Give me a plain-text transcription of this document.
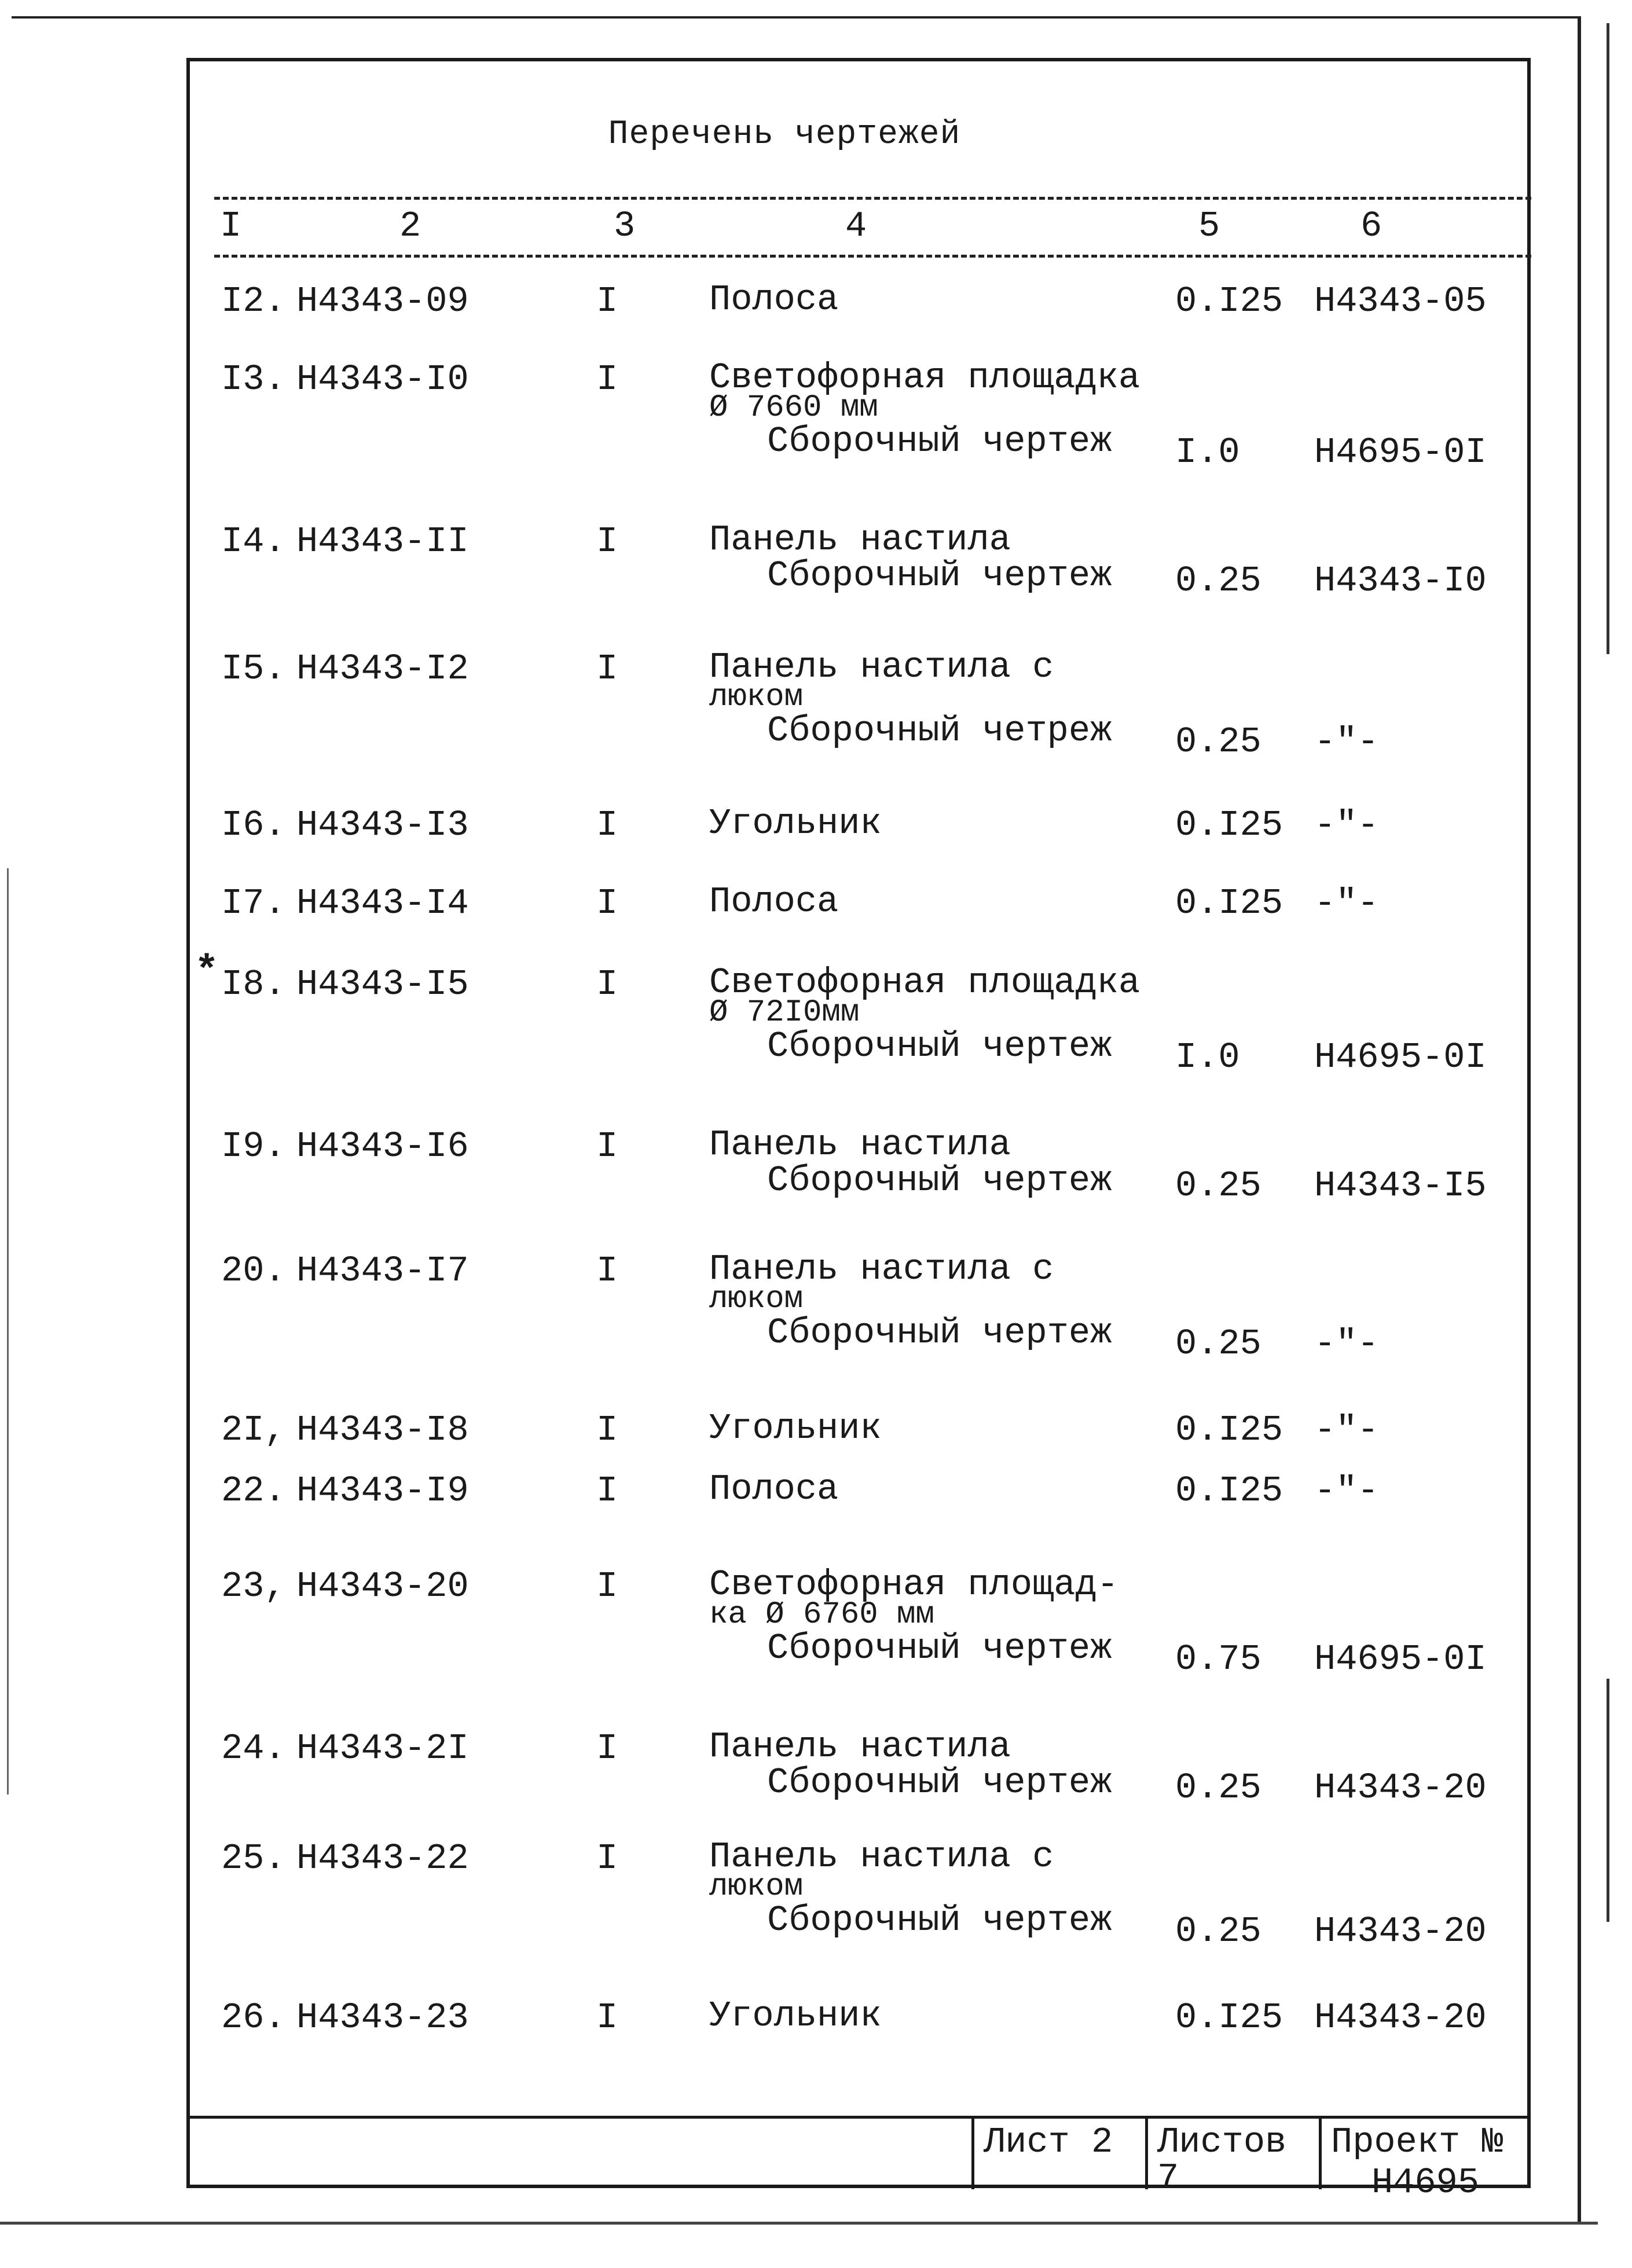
Перечень чертежей
I	2	3	4	5	6
*
I2. H4343-09	I	Полоса	0.I25 H4343-05
I3. H4343-I0	I	Светофорная площадка
Ø 7660 мм
Сборочный чертеж	I.0 H4695-0I
I4. H4343-II	I	Панель настила
Сборочный чертеж 0.25 H4343-I0
I5. H4343-I2	I	Панель настила с
люком
Сборочный четреж 0.25 -"-
I6. H4343-I3	I	Угольник	0.I25 -"-
I7. H4343-I4	I	Полоса	0.I25 -"-
I8. H4343-I5	I	Светофорная площадка
Ø 72I0мм
Сборочный чертеж	I.0 H4695-0I
I9. H4343-I6	I	Панель настила
Сборочный чертеж 0.25 H4343-I5
20. H4343-I7	I	Панель настила с
люком
Сборочный чертеж 0.25 -"-
2I, H4343-I8	I	Угольник	0.I25 -"-
22. H4343-I9	I	Полоса	0.I25 -"-
23, H4343-20	I	Светофорная площад-
ка Ø 6760 мм
Сборочный чертеж 0.75 H4695-0I
24. H4343-2I	I	Панель настила
Сборочный чертеж 0.25 H4343-20
25. H4343-22	I	Панель настила с
люком
Сборочный чертеж 0.25 H4343-20
26. H4343-23	I	Угольник	0.I25 H4343-20
Лист 2	Листов 7
Проект №
H4695
